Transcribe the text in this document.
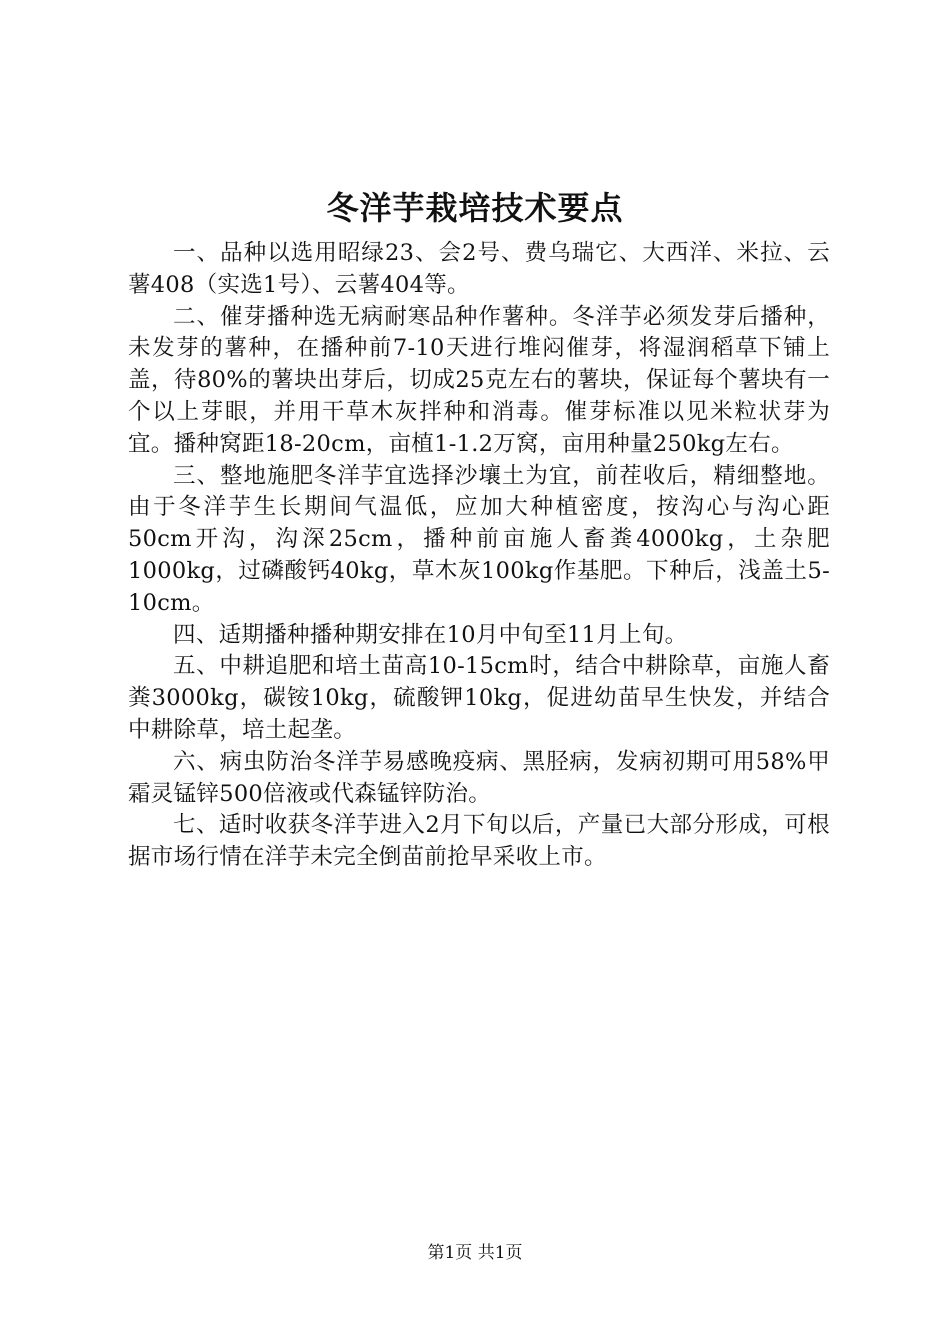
冬洋芋栽培技术要点

一、品种以选用昭绿23、会2号、费乌瑞它、大西洋、米拉、云薯408（实选1号）、云薯404等。

二、催芽播种选无病耐寒品种作薯种。冬洋芋必须发芽后播种，未发芽的薯种，在播种前7-10天进行堆闷催芽，将湿润稻草下铺上盖，待80%的薯块出芽后，切成25克左右的薯块，保证每个薯块有一个以上芽眼，并用干草木灰拌种和消毒。催芽标准以见米粒状芽为宜。播种窝距18-20cm，亩植1-1.2万窝，亩用种量250kg左右。

三、整地施肥冬洋芋宜选择沙壤土为宜，前茬收后，精细整地。由于冬洋芋生长期间气温低，应加大种植密度，按沟心与沟心距50cm开沟，沟深25cm，播种前亩施人畜粪4000kg，土杂肥1000kg，过磷酸钙40kg，草木灰100kg作基肥。下种后，浅盖土5-10cm。

四、适期播种播种期安排在10月中旬至11月上旬。

五、中耕追肥和培土苗高10-15cm时，结合中耕除草，亩施人畜粪3000kg，碳铵10kg，硫酸钾10kg，促进幼苗早生快发，并结合中耕除草，培土起垄。

六、病虫防治冬洋芋易感晚疫病、黑胫病，发病初期可用58%甲霜灵锰锌500倍液或代森锰锌防治。

七、适时收获冬洋芋进入2月下旬以后，产量已大部分形成，可根据市场行情在洋芋未完全倒苗前抢早采收上市。

第1页 共1页
